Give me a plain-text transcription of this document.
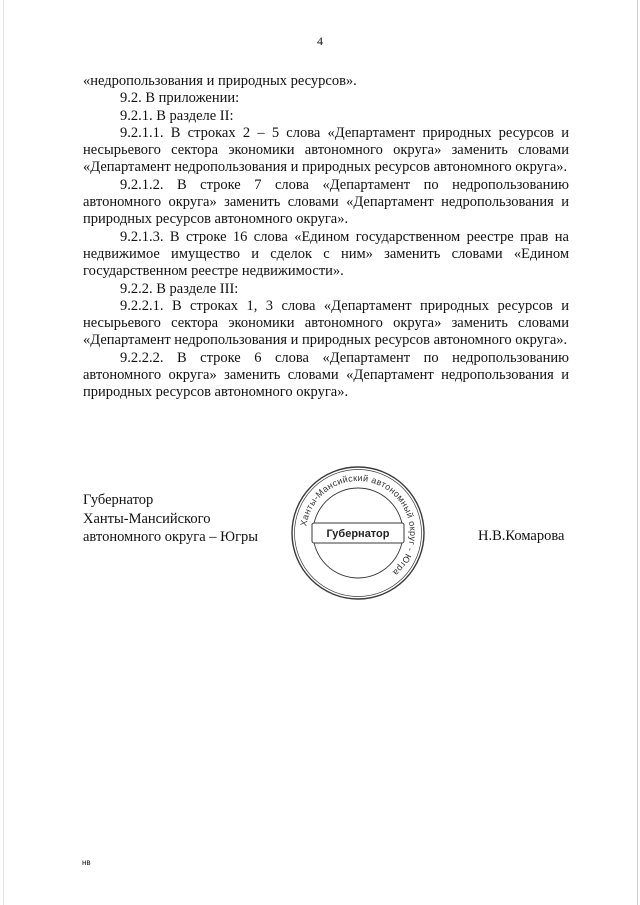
4

«недропользования и природных ресурсов».

9.2. В приложении:

9.2.1. В разделе II:

9.2.1.1. В строках 2 – 5 слова «Департамент природных ресурсов и несырьевого сектора экономики автономного округа» заменить словами «Департамент недропользования и природных ресурсов автономного округа».

9.2.1.2. В строке 7 слова «Департамент по недропользованию автономного округа» заменить словами «Департамент недропользования и природных ресурсов автономного округа».

9.2.1.3. В строке 16 слова «Едином государственном реестре прав на недвижимое имущество и сделок с ним» заменить словами «Едином государственном реестре недвижимости».

9.2.2. В разделе III:

9.2.2.1. В строках 1, 3 слова «Департамент природных ресурсов и несырьевого сектора экономики автономного округа» заменить словами «Департамент недропользования и природных ресурсов автономного округа».

9.2.2.2. В строке 6 слова «Департамент по недропользованию автономного округа» заменить словами «Департамент недропользования и природных ресурсов автономного округа».

Губернатор
Ханты-Мансийского
автономного округа – Югры	Н.В.Комарова
Ханты-Мансийский автономный округ - Югра
Губернатор
нв
